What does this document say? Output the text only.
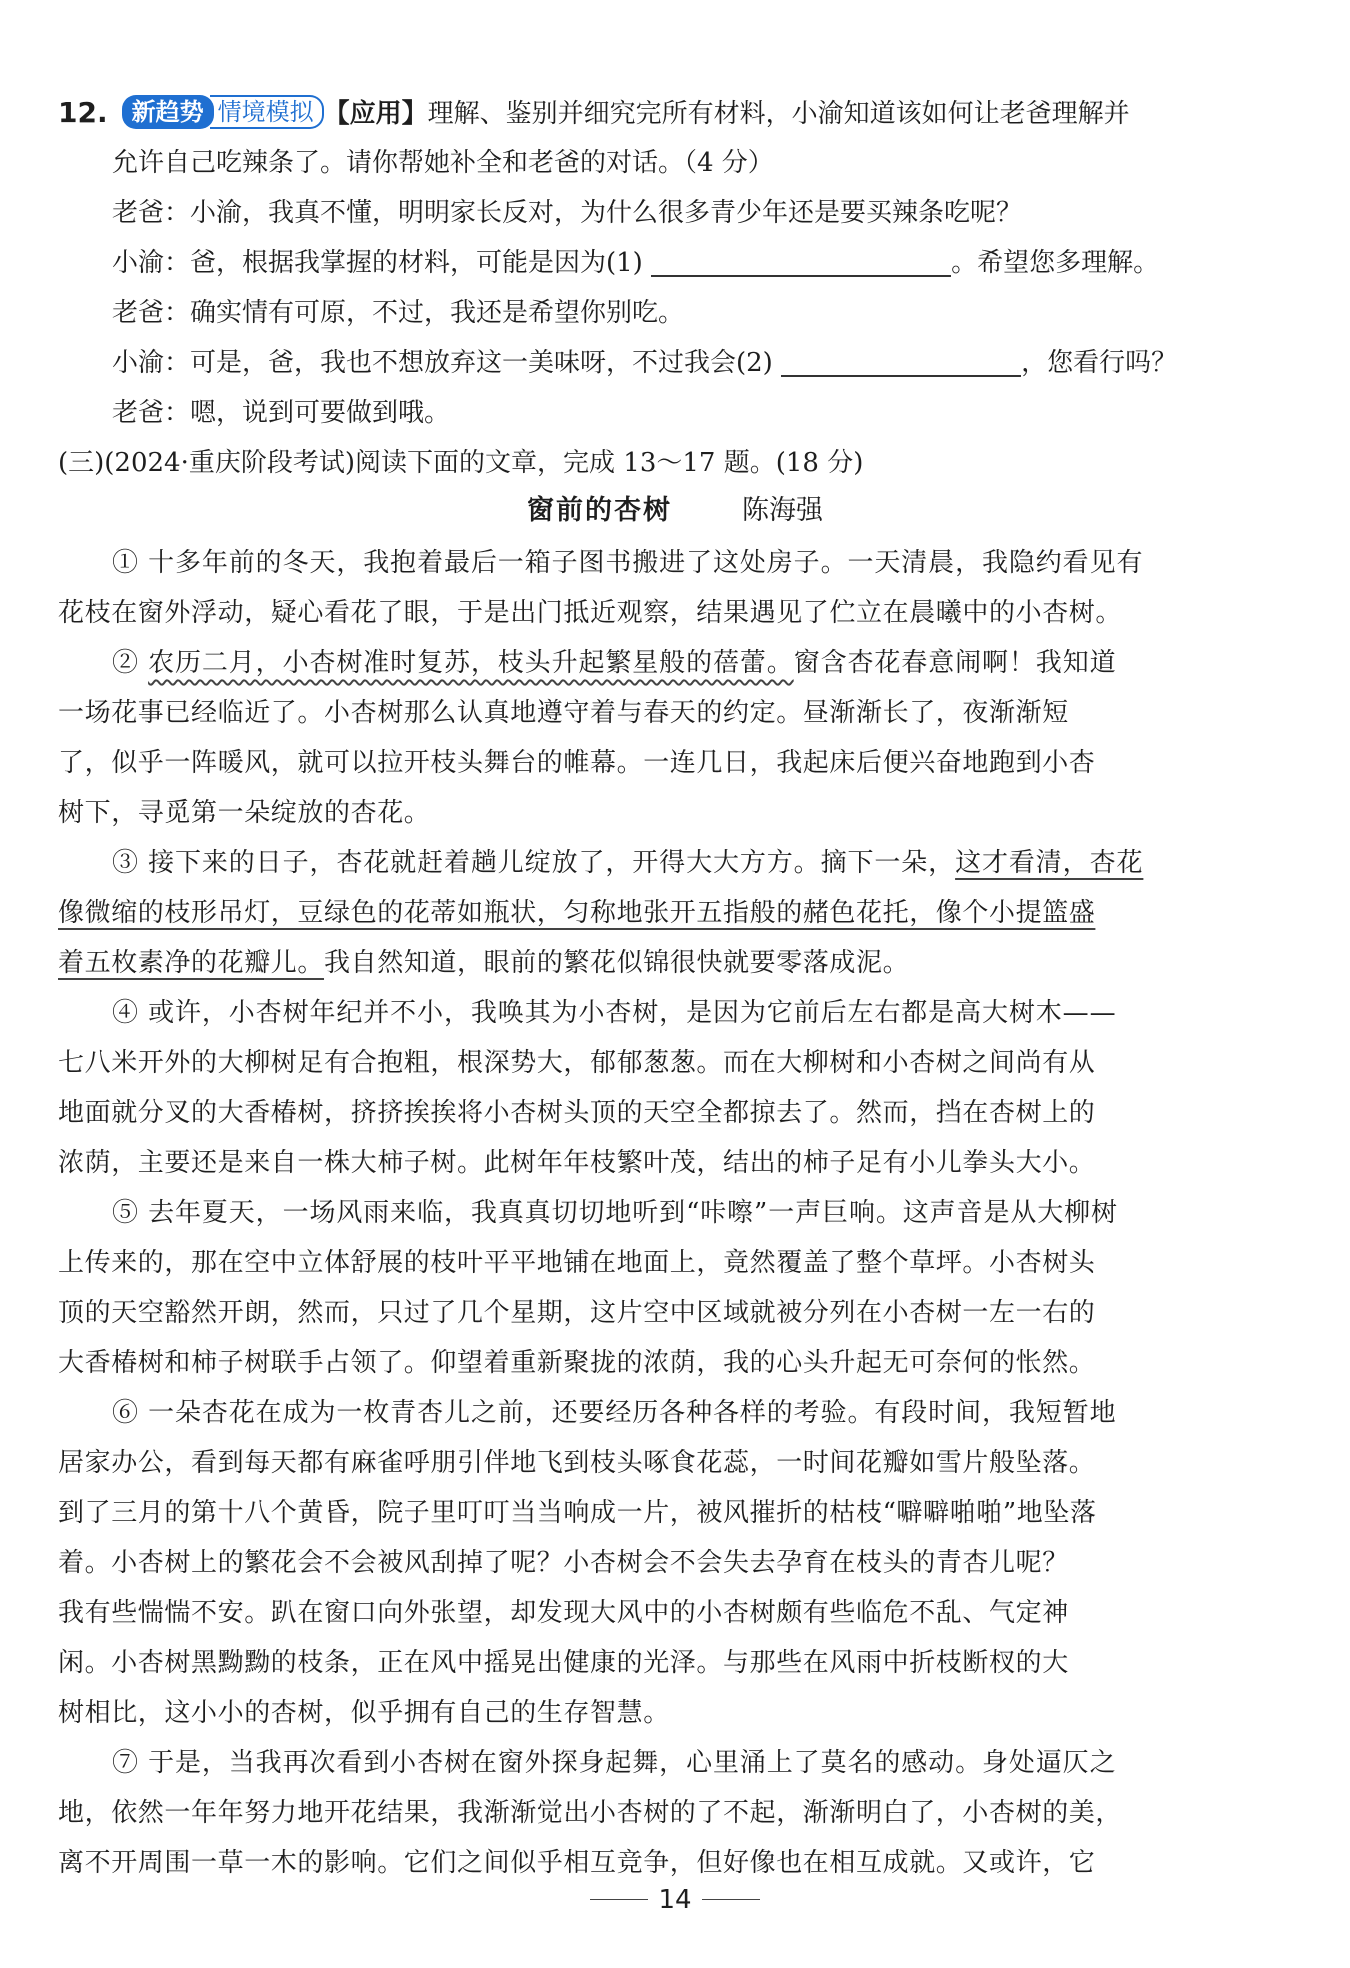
12. 新趋势 情境模拟 【应用】理解、鉴别并细究完所有材料，小渝知道该如何让老爸理解并
允许自己吃辣条了。请你帮她补全和老爸的对话。（4 分）
老爸：小渝，我真不懂，明明家长反对，为什么很多青少年还是要买辣条吃呢？
小渝：爸，根据我掌握的材料，可能是因为(1)	。希望您多理解。
老爸：确实情有可原，不过，我还是希望你别吃。
小渝：可是，爸，我也不想放弃这一美味呀，不过我会(2)	，您看行吗？
老爸：嗯，说到可要做到哦。
(三)(2024·重庆阶段考试)阅读下面的文章，完成 13～17 题。(18 分)
窗前的杏树	陈海强
① 十多年前的冬天，我抱着最后一箱子图书搬进了这处房子。一天清晨，我隐约看见有
花枝在窗外浮动，疑心看花了眼，于是出门抵近观察，结果遇见了伫立在晨曦中的小杏树。
② 农历二月，小杏树准时复苏，枝头升起繁星般的蓓蕾。窗含杏花春意闹啊！我知道
一场花事已经临近了。小杏树那么认真地遵守着与春天的约定。昼渐渐长了，夜渐渐短
了，似乎一阵暖风，就可以拉开枝头舞台的帷幕。一连几日，我起床后便兴奋地跑到小杏
树下，寻觅第一朵绽放的杏花。
③ 接下来的日子，杏花就赶着趟儿绽放了，开得大大方方。摘下一朵，这才看清，杏花
像微缩的枝形吊灯，豆绿色的花蒂如瓶状，匀称地张开五指般的赭色花托，像个小提篮盛
着五枚素净的花瓣儿。我自然知道，眼前的繁花似锦很快就要零落成泥。
④ 或许，小杏树年纪并不小，我唤其为小杏树，是因为它前后左右都是高大树木——
七八米开外的大柳树足有合抱粗，根深势大，郁郁葱葱。而在大柳树和小杏树之间尚有从
地面就分叉的大香椿树，挤挤挨挨将小杏树头顶的天空全都掠去了。然而，挡在杏树上的
浓荫，主要还是来自一株大柿子树。此树年年枝繁叶茂，结出的柿子足有小儿拳头大小。
⑤ 去年夏天，一场风雨来临，我真真切切地听到“咔嚓”一声巨响。这声音是从大柳树
上传来的，那在空中立体舒展的枝叶平平地铺在地面上，竟然覆盖了整个草坪。小杏树头
顶的天空豁然开朗，然而，只过了几个星期，这片空中区域就被分列在小杏树一左一右的
大香椿树和柿子树联手占领了。仰望着重新聚拢的浓荫，我的心头升起无可奈何的怅然。
⑥ 一朵杏花在成为一枚青杏儿之前，还要经历各种各样的考验。有段时间，我短暂地
居家办公，看到每天都有麻雀呼朋引伴地飞到枝头啄食花蕊，一时间花瓣如雪片般坠落。
到了三月的第十八个黄昏，院子里叮叮当当响成一片，被风摧折的枯枝“噼噼啪啪”地坠落
着。小杏树上的繁花会不会被风刮掉了呢？小杏树会不会失去孕育在枝头的青杏儿呢？
我有些惴惴不安。趴在窗口向外张望，却发现大风中的小杏树颇有些临危不乱、气定神
闲。小杏树黑黝黝的枝条，正在风中摇晃出健康的光泽。与那些在风雨中折枝断杈的大
树相比，这小小的杏树，似乎拥有自己的生存智慧。
⑦ 于是，当我再次看到小杏树在窗外探身起舞，心里涌上了莫名的感动。身处逼仄之
地，依然一年年努力地开花结果，我渐渐觉出小杏树的了不起，渐渐明白了，小杏树的美，
离不开周围一草一木的影响。它们之间似乎相互竞争，但好像也在相互成就。又或许，它
14
